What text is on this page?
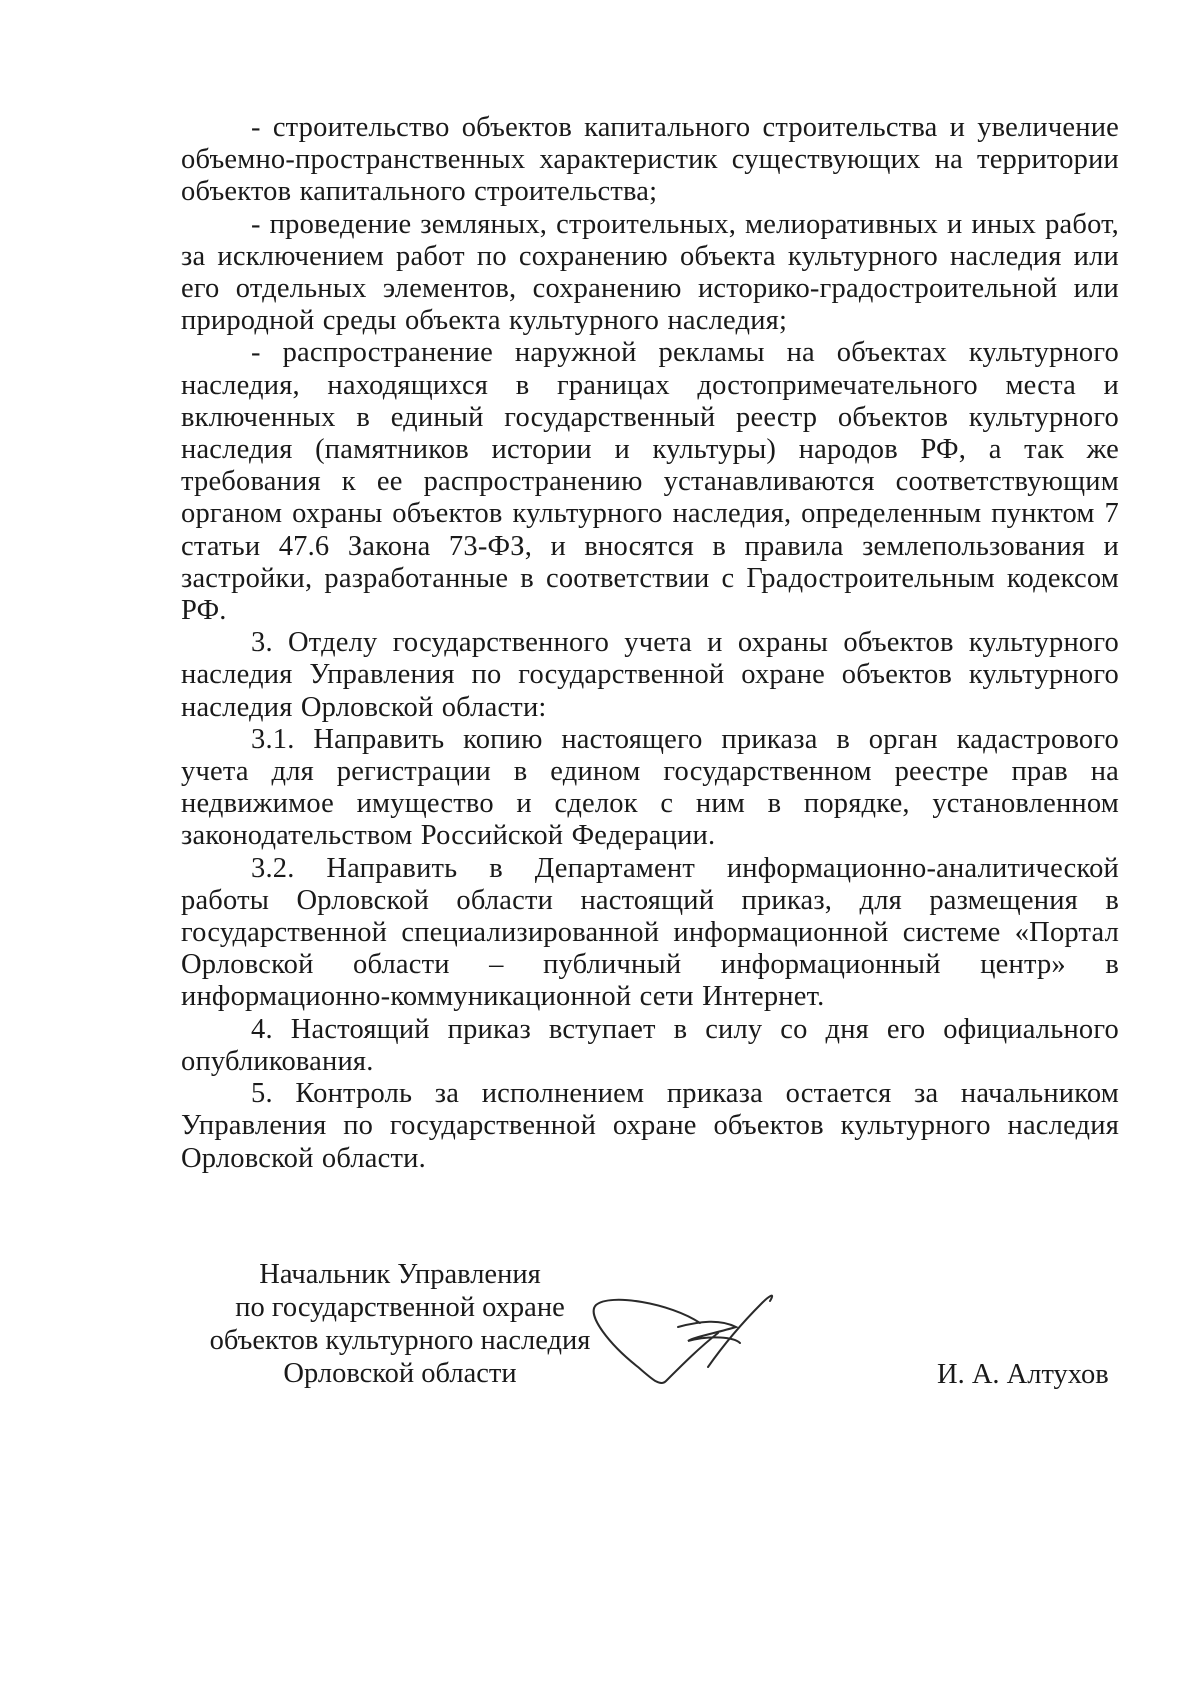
- строительство объектов капитального строительства и увеличение объемно-пространственных характеристик существующих на территории объектов капитального строительства;

- проведение земляных, строительных, мелиоративных и иных работ, за исключением работ по сохранению объекта культурного наследия или его отдельных элементов, сохранению историко-градостроительной или природной среды объекта культурного наследия;

- распространение наружной рекламы на объектах культурного наследия, находящихся в границах достопримечательного места и включенных в единый государственный реестр объектов культурного наследия (памятников истории и культуры) народов РФ, а так же требования к ее распространению устанавливаются соответствующим органом охраны объектов культурного наследия, определенным пунктом 7 статьи 47.6 Закона 73-ФЗ, и вносятся в правила землепользования и застройки, разработанные в соответствии с Градостроительным кодексом РФ.

3. Отделу государственного учета и охраны объектов культурного наследия Управления по государственной охране объектов культурного наследия Орловской области:

3.1. Направить копию настоящего приказа в орган кадастрового учета для регистрации в едином государственном реестре прав на недвижимое имущество и сделок с ним в порядке, установленном законодательством Российской Федерации.

3.2. Направить в Департамент информационно-аналитической работы Орловской области настоящий приказ, для размещения в государственной специализированной информационной системе «Портал Орловской области – публичный информационный центр» в информационно-коммуникационной сети Интернет.

4. Настоящий приказ вступает в силу со дня его официального опубликования.

5. Контроль за исполнением приказа остается за начальником Управления по государственной охране объектов культурного наследия Орловской области.

Начальник Управления
по государственной охране
объектов культурного наследия
Орловской области	И. А. Алтухов
